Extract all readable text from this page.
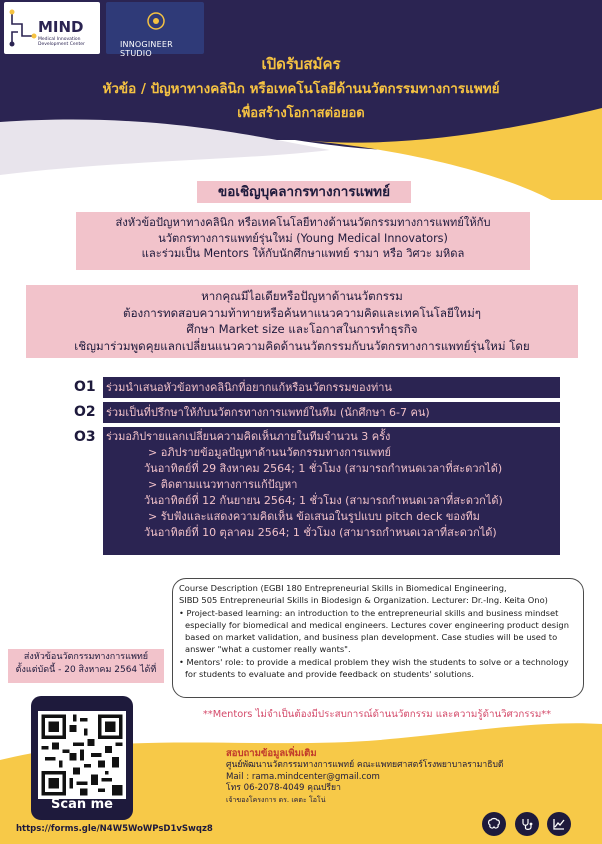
MIND
Medical Innovation Development Center	INNOGINEER STUDIO
เปิดรับสมัคร
หัวข้อ / ปัญหาทางคลินิก หรือเทคโนโลยีด้านนวัตกรรมทางการแพทย์
เพื่อสร้างโอกาสต่อยอด
ขอเชิญบุคลากรทางการแพทย์
ส่งหัวข้อปัญหาทางคลินิก หรือเทคโนโลยีทางด้านนวัตกรรมทางการแพทย์ให้กับ
นวัตกรทางการแพทย์รุ่นใหม่ (Young Medical Innovators)
และร่วมเป็น Mentors ให้กับนักศึกษาแพทย์ รามา หรือ วิศวะ มหิดล
หากคุณมีไอเดียหรือปัญหาด้านนวัตกรรม
ต้องการทดสอบความท้าทายหรือค้นหาแนวความคิดและเทคโนโลยีใหม่ๆ
ศึกษา Market size และโอกาสในการทำธุรกิจ
เชิญมาร่วมพูดคุยแลกเปลี่ยนแนวความคิดด้านนวัตกรรมกับนวัตกรทางการแพทย์รุ่นใหม่ โดย
O1 ร่วมนำเสนอหัวข้อทางคลินิกที่อยากแก้หรือนวัตกรรมของท่าน
O2 ร่วมเป็นที่ปรึกษาให้กับนวัตกรทางการแพทย์ในทีม (นักศึกษา 6-7 คน)
O3 ร่วมอภิปรายแลกเปลี่ยนความคิดเห็นภายในทีมจำนวน 3 ครั้ง
> อภิปรายข้อมูลปัญหาด้านนวัตกรรมทางการแพทย์
วันอาทิตย์ที่ 29 สิงหาคม 2564; 1 ชั่วโมง (สามารถกำหนดเวลาที่สะดวกได้)
> ติดตามแนวทางการแก้ปัญหา
วันอาทิตย์ที่ 12 กันยายน 2564; 1 ชั่วโมง (สามารถกำหนดเวลาที่สะดวกได้)
> รับฟังและแสดงความคิดเห็น ข้อเสนอในรูปแบบ pitch deck ของทีม
วันอาทิตย์ที่ 10 ตุลาคม 2564; 1 ชั่วโมง (สามารถกำหนดเวลาที่สะดวกได้)
Course Description (EGBI 180 Entrepreneurial Skills in Biomedical Engineering,
SIBD 505 Entrepreneurial Skills in Biodesign & Organization. Lecturer: Dr.-Ing. Keita Ono)
• Project-based learning: an introduction to the entrepreneurial skills and business mindset
especially for biomedical and medical engineers. Lectures cover engineering product design
based on market validation, and business plan development. Case studies will be used to
answer "what a customer really wants".
• Mentors' role: to provide a medical problem they wish the students to solve or a technology
for students to evaluate and provide feedback on students' solutions.
ส่งหัวข้อนวัตกรรมทางการแพทย์
ตั้งแต่บัดนี้ - 20 สิงหาคม 2564 ได้ที่
**Mentors ไม่จำเป็นต้องมีประสบการณ์ด้านนวัตกรรม และความรู้ด้านวิศวกรรม**
Scan me
https://forms.gle/N4W5WoWPsD1vSwqz8
สอบถามข้อมูลเพิ่มเติม
ศูนย์พัฒนานวัตกรรมทางการแพทย์ คณะแพทยศาสตร์โรงพยาบาลรามาธิบดี
Mail : rama.mindcenter@gmail.com
โทร 06-2078-4049 คุณปรียา
เจ้าของโครงการ ดร. เคตะ โอโน่
